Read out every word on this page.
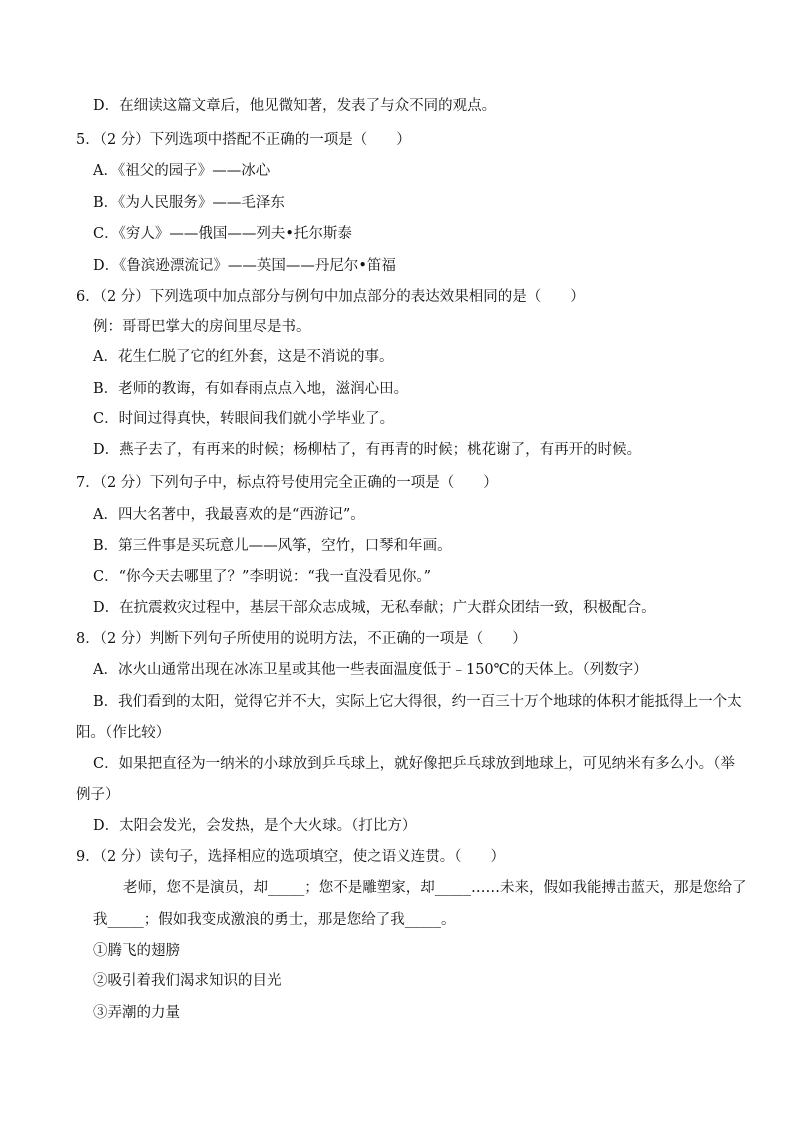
D．在细读这篇文章后，他见微知著，发表了与众不同的观点。
5．（2 分）下列选项中搭配不正确的一项是（　　）
A．《祖父的园子》——冰心
B．《为人民服务》——毛泽东
C．《穷人》——俄国——列夫•托尔斯泰
D．《鲁滨逊漂流记》——英国——丹尼尔•笛福
6．（2 分）下列选项中加点部分与例句中加点部分的表达效果相同的是（　　）
例：哥哥巴掌大的房间里尽是书。
A．花生仁脱了它的红外套，这是不消说的事。
B．老师的教诲，有如春雨点点入地，滋润心田。
C．时间过得真快，转眼间我们就小学毕业了。
D．燕子去了，有再来的时候；杨柳枯了，有再青的时候；桃花谢了，有再开的时候。
7．（2 分）下列句子中，标点符号使用完全正确的一项是（　　）
A．四大名著中，我最喜欢的是“西游记”。
B．第三件事是买玩意儿——风筝，空竹，口琴和年画。
C．“你今天去哪里了？”李明说：“我一直没看见你。”
D．在抗震救灾过程中，基层干部众志成城，无私奉献；广大群众团结一致，积极配合。
8．（2 分）判断下列句子所使用的说明方法，不正确的一项是（　　）
A．冰火山通常出现在冰冻卫星或其他一些表面温度低于﹣150℃的天体上。（列数字）
B．我们看到的太阳，觉得它并不大，实际上它大得很，约一百三十万个地球的体积才能抵得上一个太
阳。（作比较）
C．如果把直径为一纳米的小球放到乒乓球上，就好像把乒乓球放到地球上，可见纳米有多么小。（举
例子）
D．太阳会发光，会发热，是个大火球。（打比方）
9．（2 分）读句子，选择相应的选项填空，使之语义连贯。（　　）
老师，您不是演员，却_____；您不是雕塑家，却_____……未来，假如我能搏击蓝天，那是您给了
我_____；假如我变成激浪的勇士，那是您给了我_____。
①腾飞的翅膀
②吸引着我们渴求知识的目光
③弄潮的力量
